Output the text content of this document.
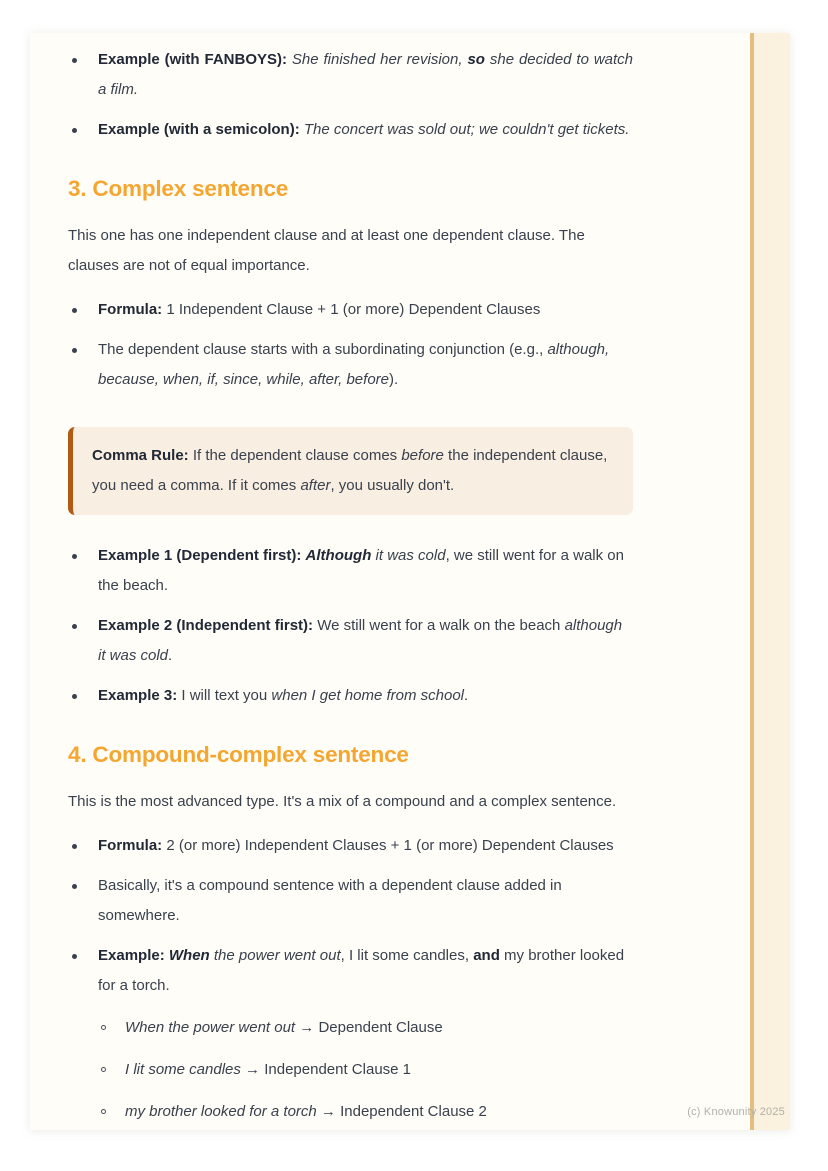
Example (with FANBOYS): She finished her revision, so she decided to watch a film.
Example (with a semicolon): The concert was sold out; we couldn't get tickets.
3. Complex sentence

This one has one independent clause and at least one dependent clause. The clauses are not of equal importance.

Formula: 1 Independent Clause + 1 (or more) Dependent Clauses
The dependent clause starts with a subordinating conjunction (e.g., although, because, when, if, since, while, after, before).
Comma Rule: If the dependent clause comes before the independent clause, you need a comma. If it comes after, you usually don't.
Example 1 (Dependent first): Although it was cold, we still went for a walk on the beach.
Example 2 (Independent first): We still went for a walk on the beach although it was cold.
Example 3: I will text you when I get home from school.
4. Compound-complex sentence

This is the most advanced type. It's a mix of a compound and a complex sentence.

Formula: 2 (or more) Independent Clauses + 1 (or more) Dependent Clauses
Basically, it's a compound sentence with a dependent clause added in somewhere.
Example: When the power went out, I lit some candles, and my brother looked for a torch.
When the power went out → Dependent Clause
I lit some candles → Independent Clause 1
my brother looked for a torch → Independent Clause 2	(c) Knowunity 2025
